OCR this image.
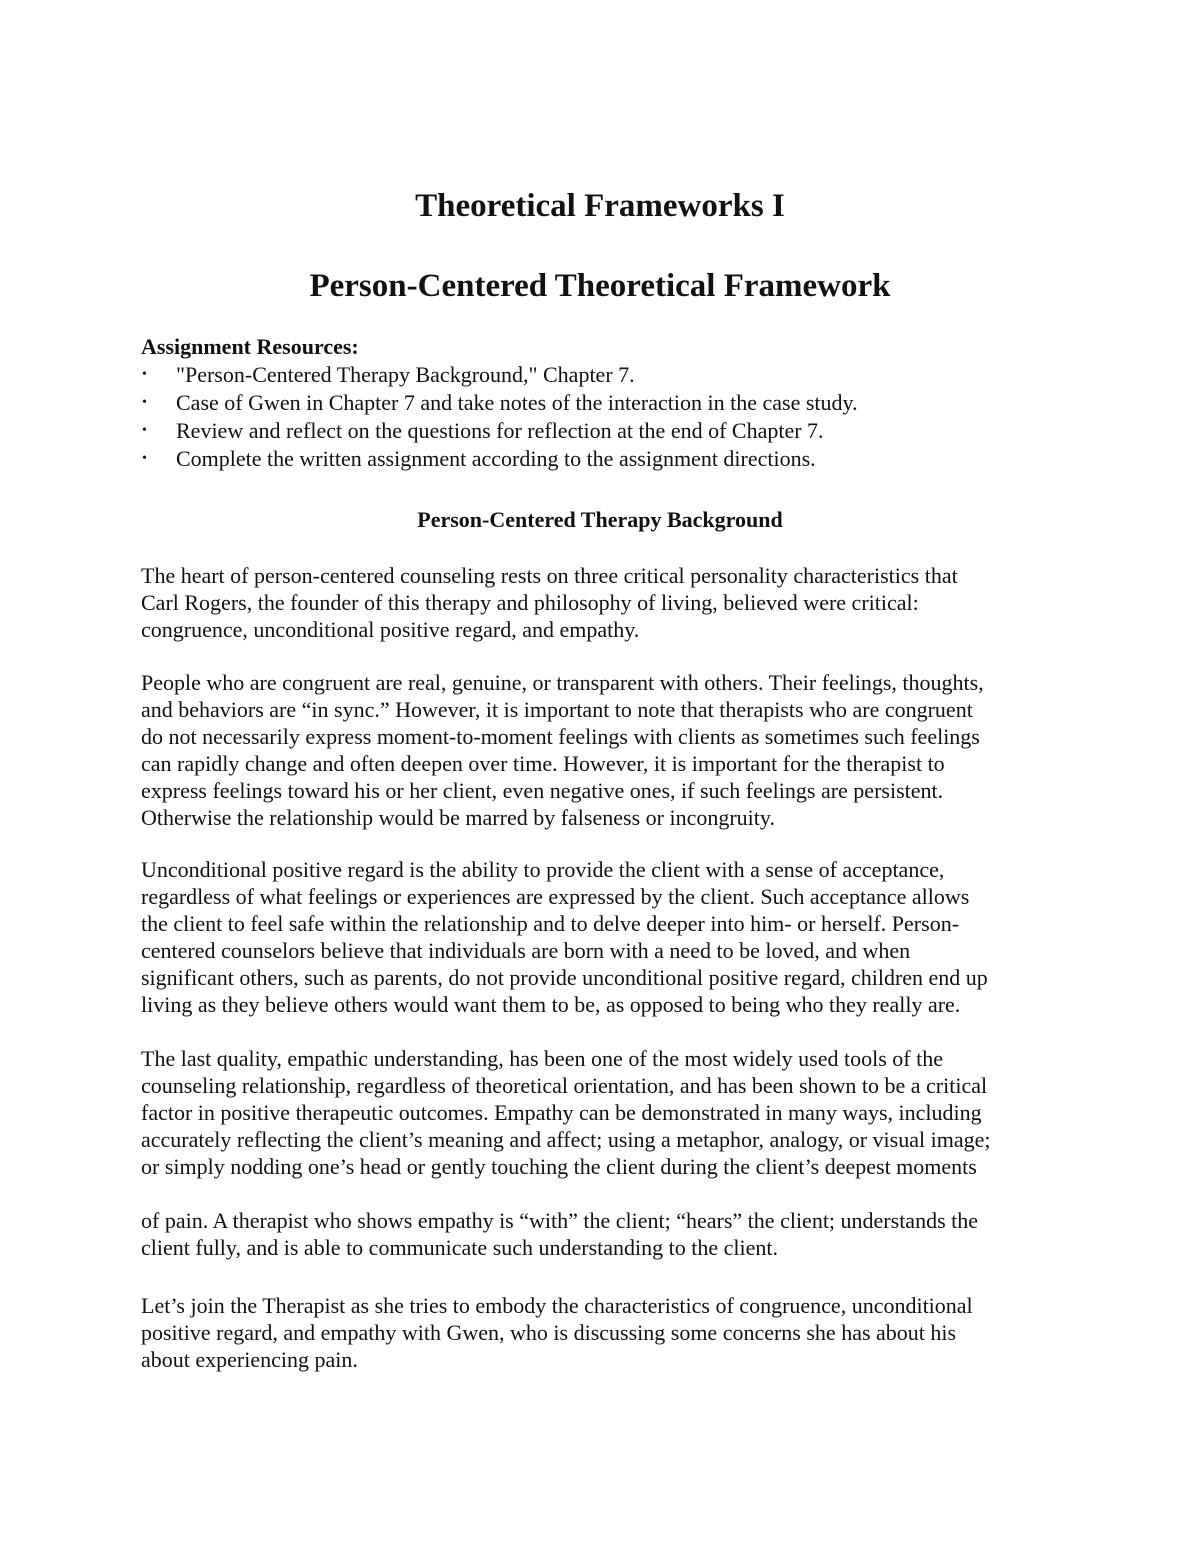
Theoretical Frameworks I
Person-Centered Theoretical Framework
Assignment Resources:
• "Person-Centered Therapy Background," Chapter 7.
• Case of Gwen in Chapter 7 and take notes of the interaction in the case study.
• Review and reflect on the questions for reflection at the end of Chapter 7.
• Complete the written assignment according to the assignment directions.
Person-Centered Therapy Background

The heart of person-centered counseling rests on three critical personality characteristics that
Carl Rogers, the founder of this therapy and philosophy of living, believed were critical:
congruence, unconditional positive regard, and empathy.

People who are congruent are real, genuine, or transparent with others. Their feelings, thoughts,
and behaviors are “in sync.” However, it is important to note that therapists who are congruent
do not necessarily express moment-to-moment feelings with clients as sometimes such feelings
can rapidly change and often deepen over time. However, it is important for the therapist to
express feelings toward his or her client, even negative ones, if such feelings are persistent.
Otherwise the relationship would be marred by falseness or incongruity.

Unconditional positive regard is the ability to provide the client with a sense of acceptance,
regardless of what feelings or experiences are expressed by the client. Such acceptance allows
the client to feel safe within the relationship and to delve deeper into him- or herself. Person-
centered counselors believe that individuals are born with a need to be loved, and when
significant others, such as parents, do not provide unconditional positive regard, children end up
living as they believe others would want them to be, as opposed to being who they really are.

The last quality, empathic understanding, has been one of the most widely used tools of the
counseling relationship, regardless of theoretical orientation, and has been shown to be a critical
factor in positive therapeutic outcomes. Empathy can be demonstrated in many ways, including
accurately reflecting the client’s meaning and affect; using a metaphor, analogy, or visual image;
or simply nodding one’s head or gently touching the client during the client’s deepest moments

of pain. A therapist who shows empathy is “with” the client; “hears” the client; understands the
client fully, and is able to communicate such understanding to the client.

Let’s join the Therapist as she tries to embody the characteristics of congruence, unconditional
positive regard, and empathy with Gwen, who is discussing some concerns she has about his
about experiencing pain.
